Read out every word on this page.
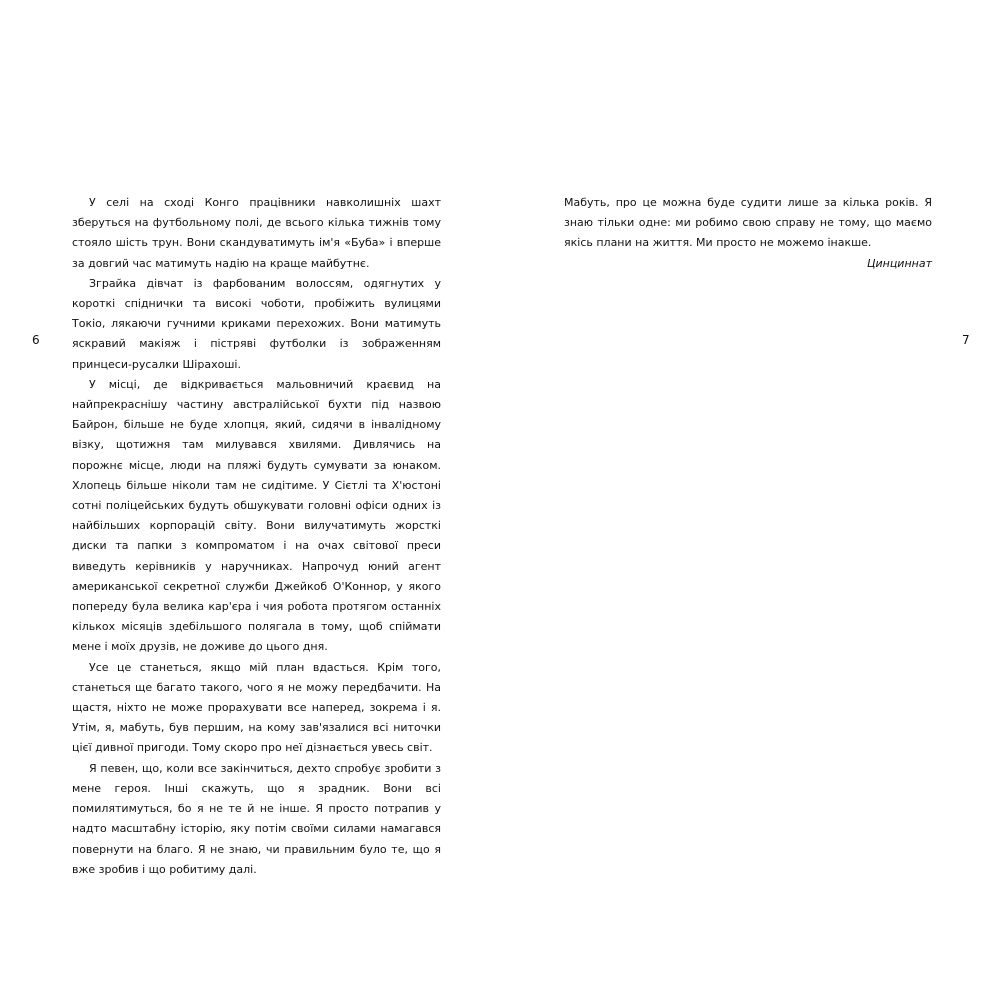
6

У селі на сході Конго працівники навколишніх шахт зберуться на футбольному полі, де всього кілька тижнів тому стояло шість трун. Вони скандуватимуть ім'я «Буба» і вперше за довгий час матимуть надію на краще майбутнє.

Зграйка дівчат із фарбованим волоссям, одягнутих у короткі спіднички та високі чоботи, пробіжить вулицями Токіо, лякаючи гучними криками перехожих. Вони матимуть яскравий макіяж і пістряві футболки із зображенням принцеси-русалки Шірахоші.

У місці, де відкривається мальовничий краєвид на найпрекраснішу частину австралійської бухти під назвою Байрон, більше не буде хлопця, який, сидячи в інвалідному візку, щотижня там милувався хвилями. Дивлячись на порожнє місце, люди на пляжі будуть сумувати за юнаком. Хлопець більше ніколи там не сидітиме. У Сієтлі та Х'юстоні сотні поліцейських будуть обшукувати головні офіси одних із найбільших корпорацій світу. Вони вилучатимуть жорсткі диски та папки з компроматом і на очах світової преси виведуть керівників у наручниках. Напрочуд юний агент американської секретної служби Джейкоб О'Коннор, у якого попереду була велика кар'єра і чия робота протягом останніх кількох місяців здебільшого полягала в тому, щоб спіймати мене і моїх друзів, не доживе до цього дня.

Усе це станеться, якщо мій план вдасться. Крім того, станеться ще багато такого, чого я не можу передбачити. На щастя, ніхто не може прорахувати все наперед, зокрема і я. Утім, я, мабуть, був першим, на кому зав'язалися всі ниточки цієї дивної пригоди. Тому скоро про неї дізнається увесь світ.

Я певен, що, коли все закінчиться, дехто спробує зробити з мене героя. Інші скажуть, що я зрадник. Вони всі помилятимуться, бо я не те й не інше. Я просто потрапив у надто масштабну історію, яку потім своїми силами намагався повернути на благо. Я не знаю, чи правильним було те, що я вже зробив і що робитиму далі.

7

Мабуть, про це можна буде судити лише за кілька років. Я знаю тільки одне: ми робимо свою справу не тому, що маємо якісь плани на життя. Ми просто не можемо інакше.

Цинциннат
